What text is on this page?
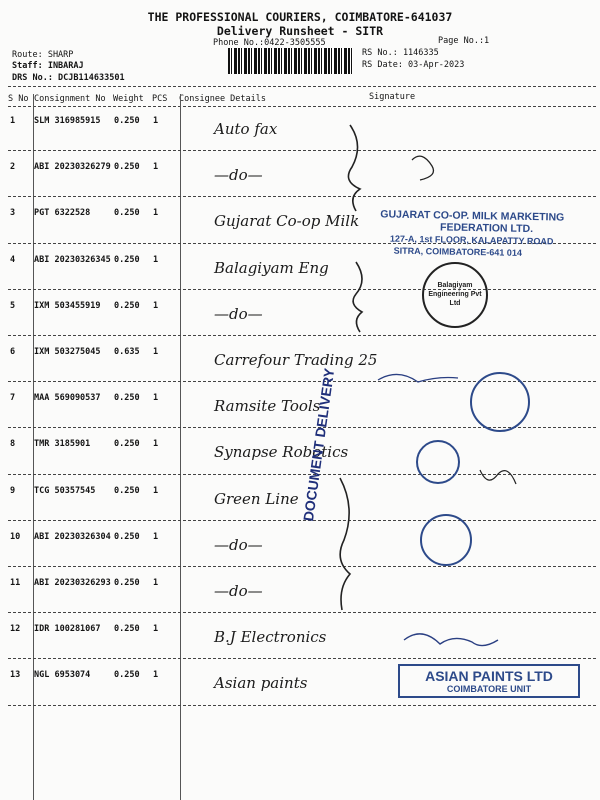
THE PROFESSIONAL COURIERS, COIMBATORE-641037
Delivery Runsheet - SITR
Phone No.:0422-3505555	Page No.:1
Route: SHARP
Staff: INBARAJ
DRS No.: DCJB114633501
RS No.: 1146335
RS Date: 03-Apr-2023
S No Consignment No Weight PCS Consignee Details	Signature
1 SLM 316985915 0.250 1	Auto fax
2 ABI 20230326279 0.250 1	—do—
3 PGT 6322528	0.250 1	Gujarat Co-op Milk
4 ABI 20230326345 0.250 1	Balagiyam Eng
5 IXM 503455919 0.250 1	—do—
6 IXM 503275045 0.635 1	Carrefour Trading 25
7 MAA 569090537 0.250 1	Ramsite Tools
8 TMR 3185901	0.250 1	Synapse Robotics
9 TCG 50357545 0.250 1	Green Line
10 ABI 20230326304 0.250 1	—do—
11 ABI 20230326293 0.250 1	—do—
12 IDR 100281067 0.250 1	B.J Electronics
13 NGL 6953074	0.250 1	Asian paints
GUJARAT CO-OP. MILK MARKETING
FEDERATION LTD.
127-A, 1st FLOOR, KALAPATTY ROAD
SITRA, COIMBATORE-641 014
Balagiyam Engineering Pvt Ltd
DOCUMENT DELIVERY
ASIAN PAINTS LTD
COIMBATORE UNIT
